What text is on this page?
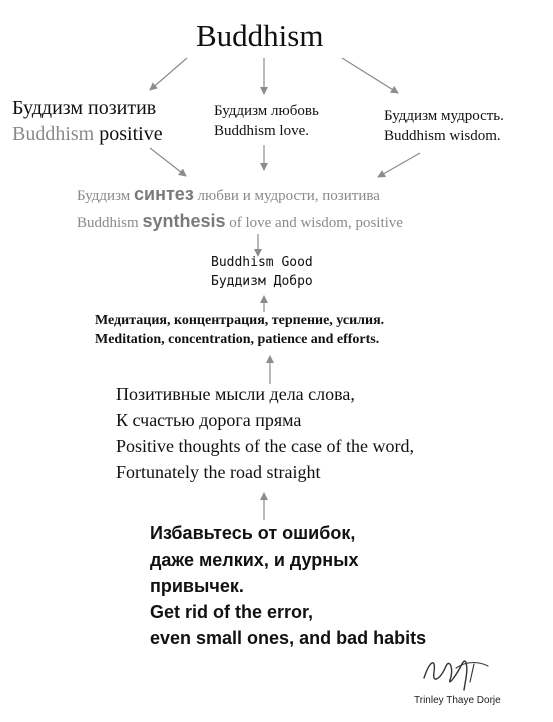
Buddhism
Буддизм позитив
Buddhism positive
Буддизм любовь
Buddhism love.
Буддизм мудрость.
Buddhism wisdom.
Буддизм синтез любви и мудрости, позитива
Buddhism synthesis of love and wisdom, positive
Buddhism Good
Буддизм Добро
Медитация, концентрация, терпение, усилия.
Meditation, concentration, patience and efforts.
Позитивные мысли дела слова,
К счастью дорога пряма
Positive thoughts of the case of the word,
Fortunately the road straight
Избавьтесь от ошибок,
даже мелких, и дурных
привычек.
Get rid of the error,
even small ones, and bad habits
Trinley Thaye Dorje
